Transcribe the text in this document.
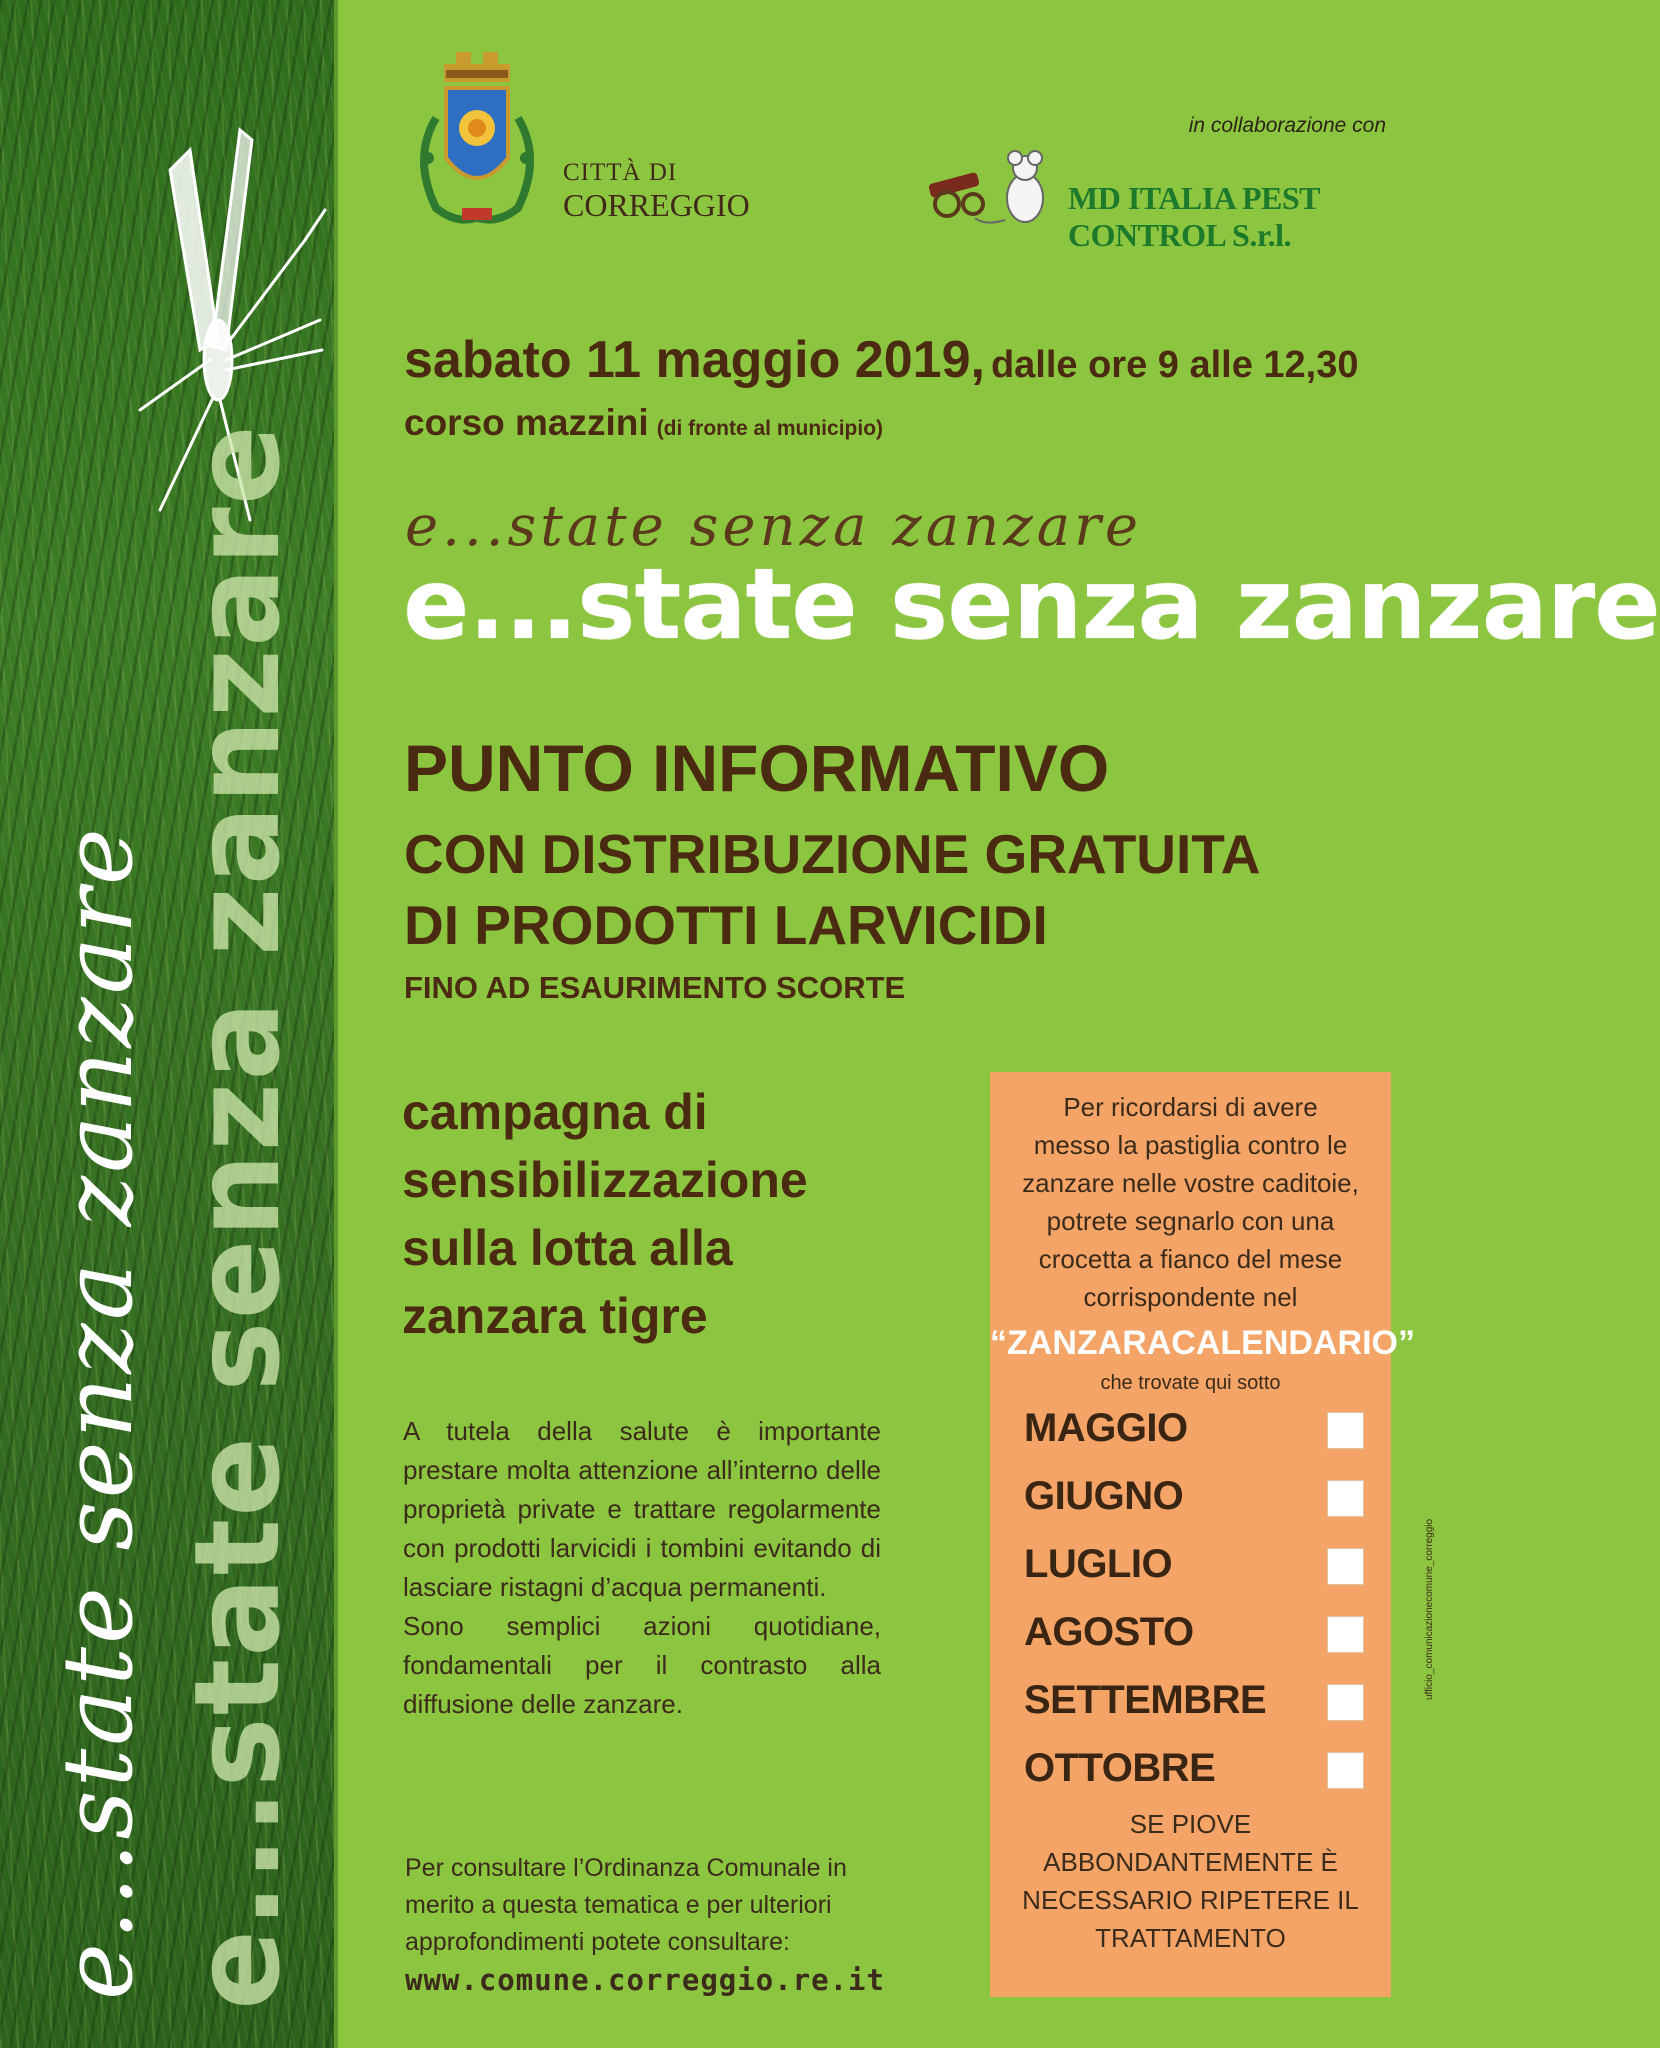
e...state senza zanzare
e...state senza zanzare
CITTÀ DI
CORREGGIO
in collaborazione con
MD ITALIA PEST CONTROL S.r.l.
sabato 11 maggio 2019, dalle ore 9 alle 12,30
corso mazzini (di fronte al municipio)
e...state senza zanzare
e...state senza zanzare
PUNTO INFORMATIVO
CON DISTRIBUZIONE GRATUITA
DI PRODOTTI LARVICIDI
FINO AD ESAURIMENTO SCORTE
campagna di
sensibilizzazione
sulla lotta alla
zanzara tigre

A tutela della salute è importante prestare molta attenzione all’interno delle proprietà private e trattare regolarmente con prodotti larvicidi i tombini evitando di lasciare ristagni d’acqua permanenti.

Sono semplici azioni quotidiane, fondamentali per il contrasto alla diffusione delle zanzare.

Per consultare l’Ordinanza Comunale in merito a questa tematica e per ulteriori approfondimenti potete consultare:
www.comune.correggio.re.it
Per ricordarsi di avere
messo la pastiglia contro le
zanzare nelle vostre caditoie,
potrete segnarlo con una
crocetta a fianco del mese
corrispondente nel
“ZANZARACALENDARIO”
che trovate qui sotto
MAGGIO
GIUGNO
LUGLIO
AGOSTO
SETTEMBRE
OTTOBRE
SE PIOVE
ABBONDANTEMENTE È
NECESSARIO RIPETERE IL
TRATTAMENTO
ufficio_comunicazionecomune_correggio
